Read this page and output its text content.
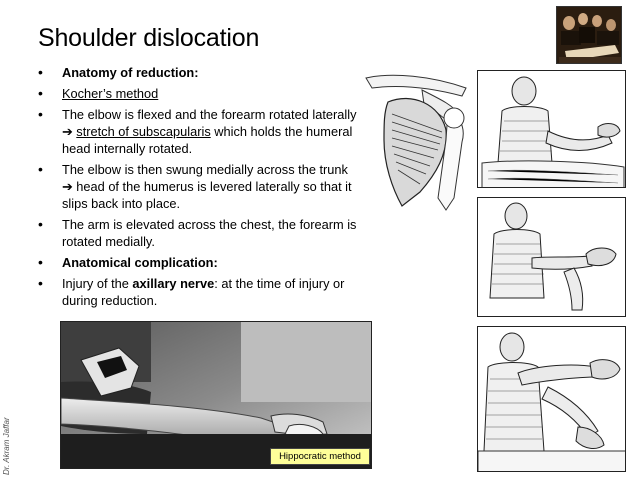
Dr. Akram Jaffar
Shoulder dislocation
• Anatomy of reduction:
• Kocher’s method
• The elbow is flexed and the forearm rotated laterally ➔ stretch of subscapularis which holds the humeral head internally rotated.
• The elbow is then swung medially across the trunk ➔ head of the humerus is levered laterally so that it slips back into place.
• The arm is elevated across the chest, the forearm is rotated medially.
• Anatomical complication:
• Injury of the axillary nerve: at the time of injury or during reduction.
Hippocratic method
